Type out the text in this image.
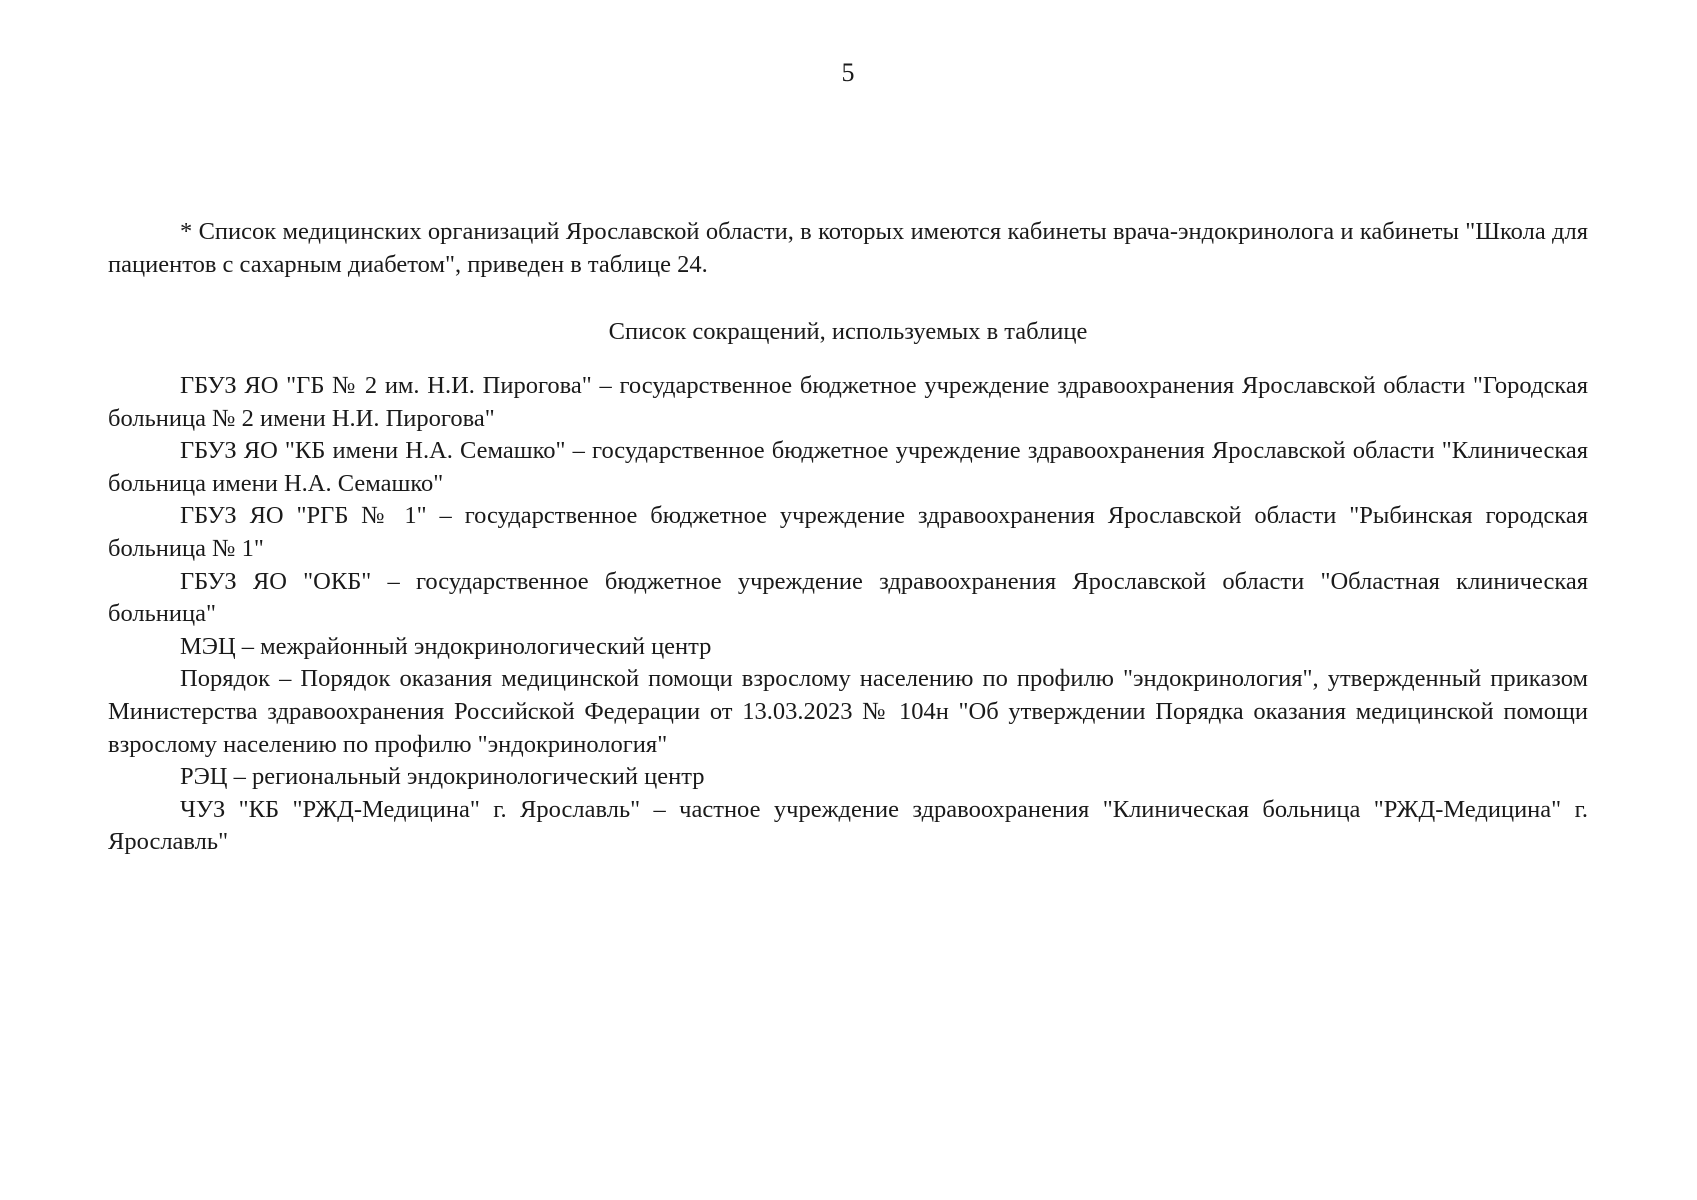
5

* Список медицинских организаций Ярославской области, в которых имеются кабинеты врача-эндокринолога и кабинеты "Школа для пациентов с сахарным диабетом", приведен в таблице 24.

Список сокращений, используемых в таблице

ГБУЗ ЯО "ГБ № 2 им. Н.И. Пирогова" – государственное бюджетное учреждение здравоохранения Ярославской области "Городская больница № 2 имени Н.И. Пирогова"
ГБУЗ ЯО "КБ имени Н.А. Семашко" – государственное бюджетное учреждение здравоохранения Ярославской области "Клиническая больница имени Н.А. Семашко"
ГБУЗ ЯО "РГБ № 1" – государственное бюджетное учреждение здравоохранения Ярославской области "Рыбинская городская больница № 1"
ГБУЗ ЯО "ОКБ" – государственное бюджетное учреждение здравоохранения Ярославской области "Областная клиническая больница"
МЭЦ – межрайонный эндокринологический центр
Порядок – Порядок оказания медицинской помощи взрослому населению по профилю "эндокринология", утвержденный приказом Министерства здравоохранения Российской Федерации от 13.03.2023 № 104н "Об утверждении Порядка оказания медицинской помощи взрослому населению по профилю "эндокринология"
РЭЦ – региональный эндокринологический центр
ЧУЗ "КБ "РЖД-Медицина" г. Ярославль" – частное учреждение здравоохранения "Клиническая больница "РЖД-Медицина" г. Ярославль"
